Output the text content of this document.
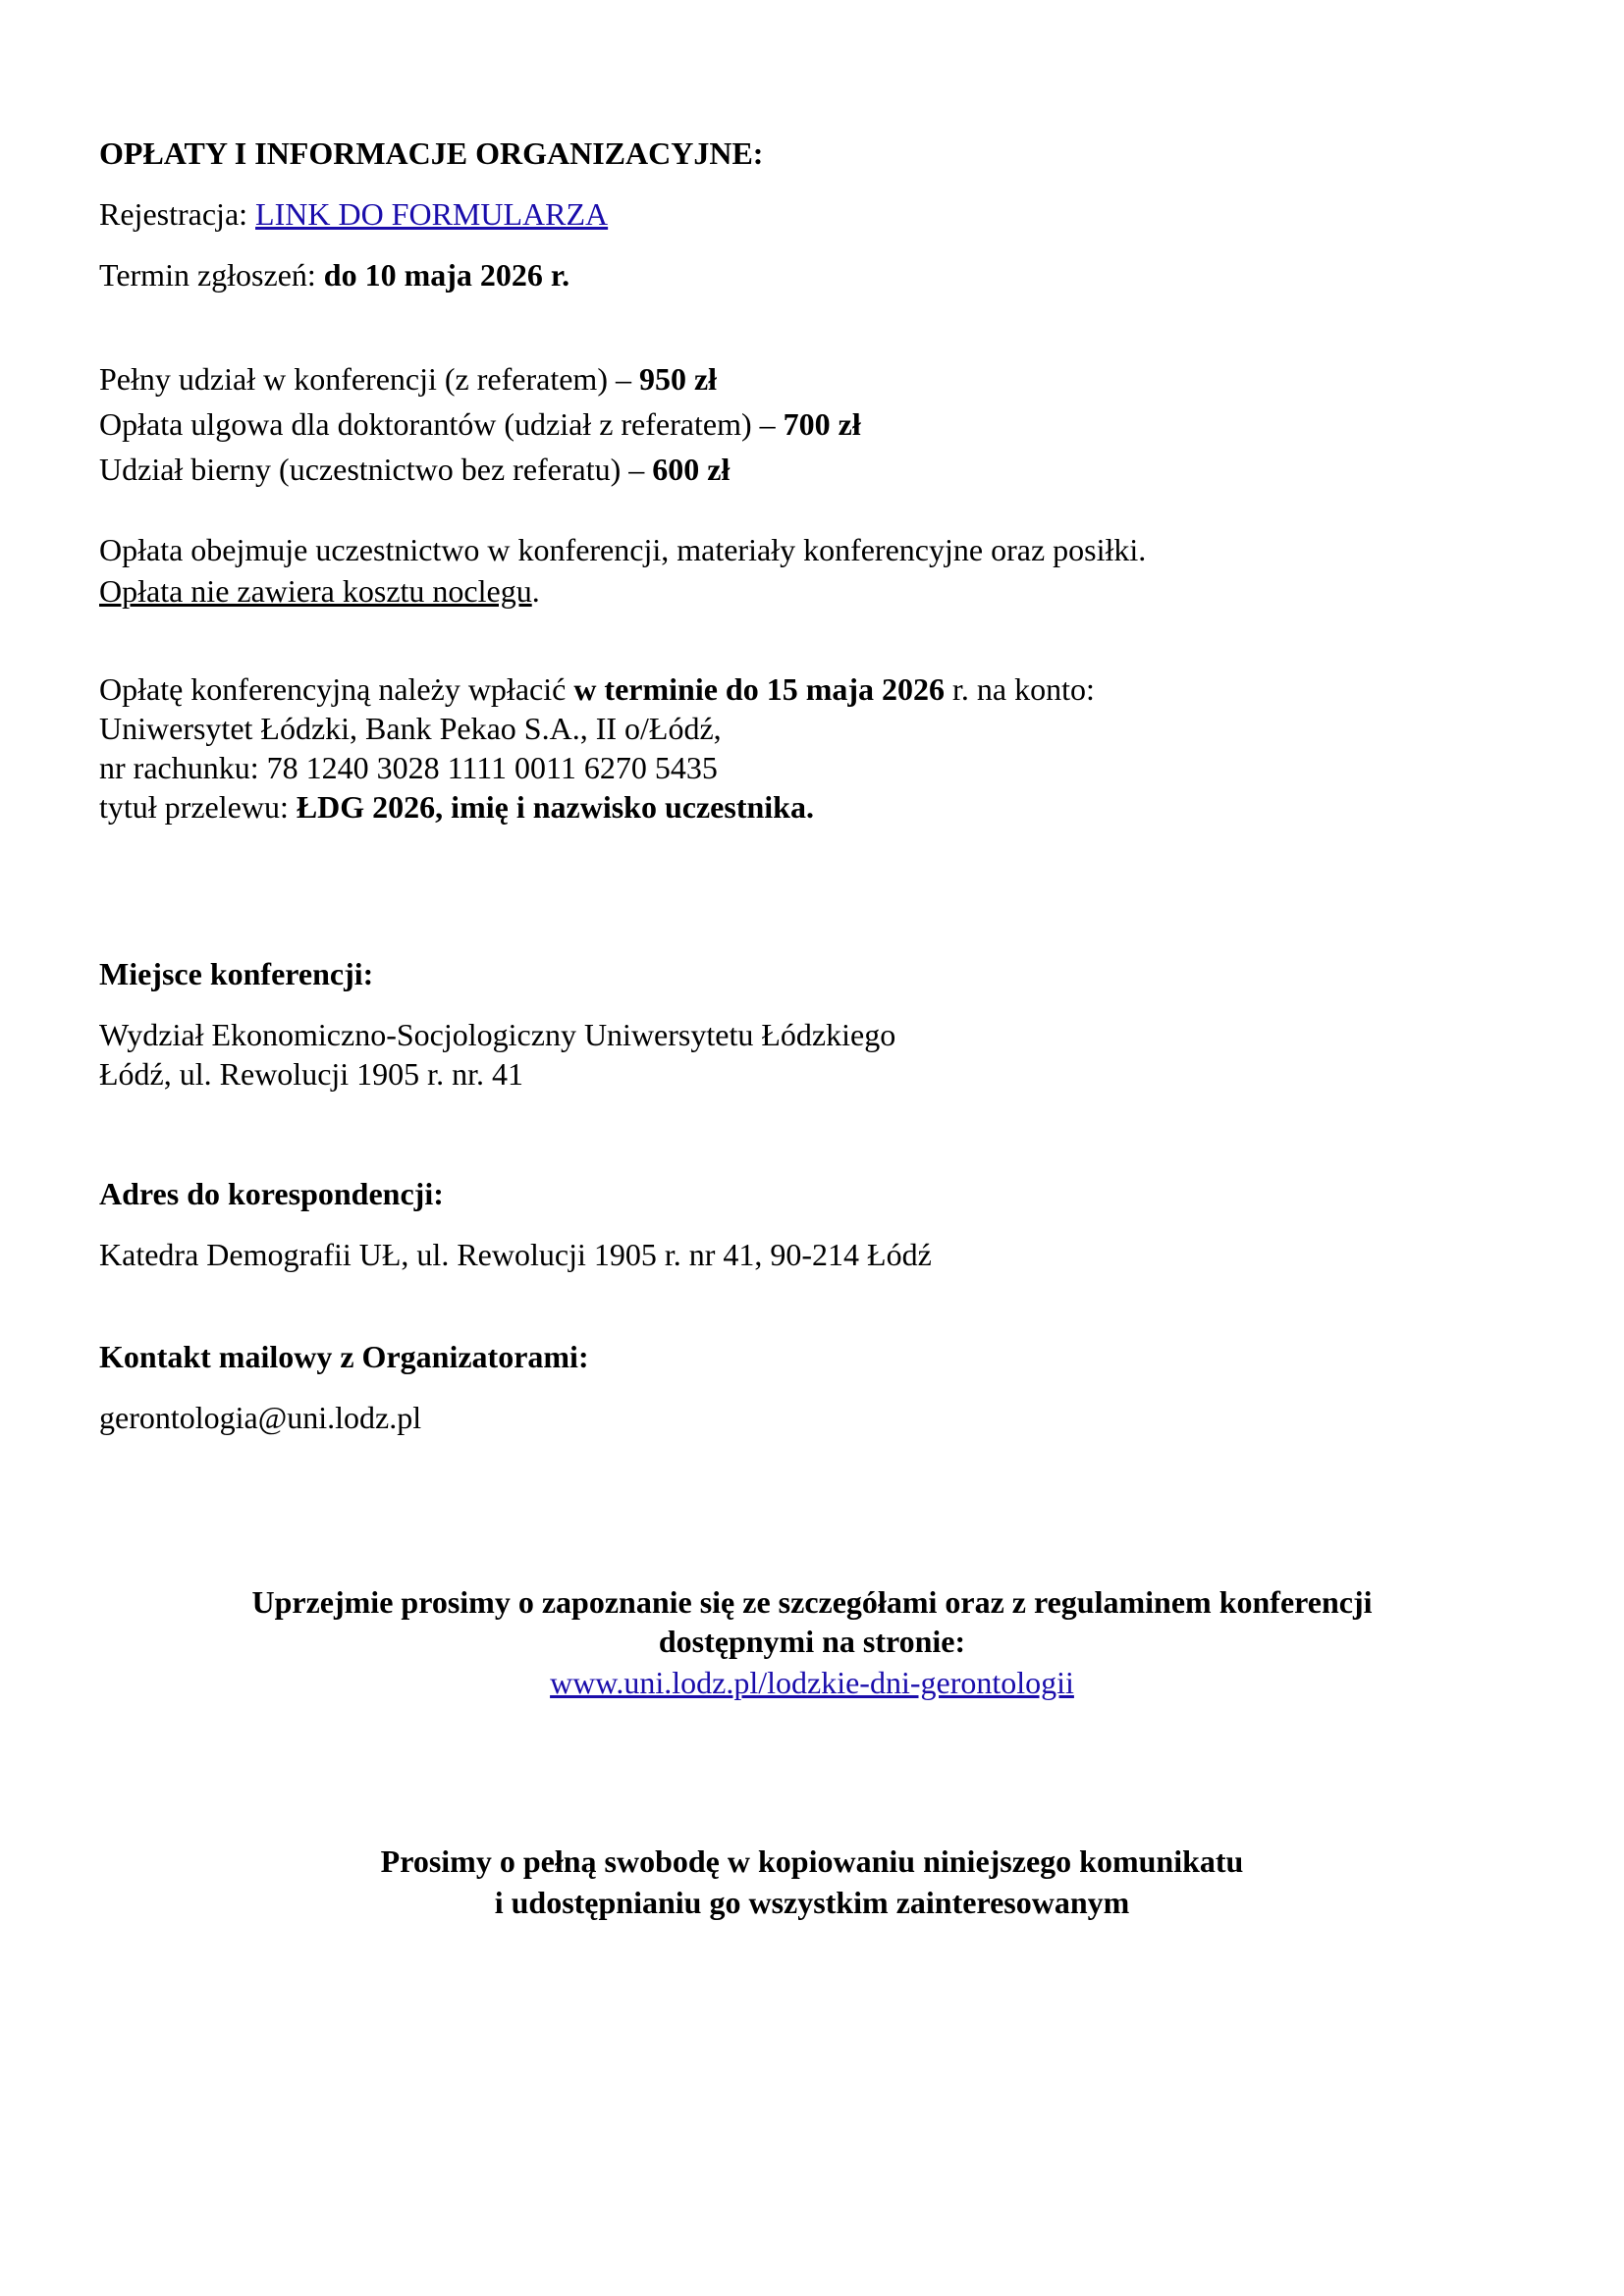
OPŁATY I INFORMACJE ORGANIZACYJNE:
Rejestracja: LINK DO FORMULARZA
Termin zgłoszeń: do 10 maja 2026 r.
Pełny udział w konferencji (z referatem) – 950 zł
Opłata ulgowa dla doktorantów (udział z referatem) – 700 zł
Udział bierny (uczestnictwo bez referatu) – 600 zł
Opłata obejmuje uczestnictwo w konferencji, materiały konferencyjne oraz posiłki.
Opłata nie zawiera kosztu noclegu.
Opłatę konferencyjną należy wpłacić w terminie do 15 maja 2026 r. na konto:
Uniwersytet Łódzki, Bank Pekao S.A., II o/Łódź,
nr rachunku: 78 1240 3028 1111 0011 6270 5435
tytuł przelewu: ŁDG 2026, imię i nazwisko uczestnika.
Miejsce konferencji:
Wydział Ekonomiczno-Socjologiczny Uniwersytetu Łódzkiego
Łódź, ul. Rewolucji 1905 r. nr. 41
Adres do korespondencji:
Katedra Demografii UŁ, ul. Rewolucji 1905 r. nr 41, 90-214 Łódź
Kontakt mailowy z Organizatorami:
gerontologia@uni.lodz.pl
Uprzejmie prosimy o zapoznanie się ze szczegółami oraz z regulaminem konferencji
dostępnymi na stronie:
www.uni.lodz.pl/lodzkie-dni-gerontologii
Prosimy o pełną swobodę w kopiowaniu niniejszego komunikatu
i udostępnianiu go wszystkim zainteresowanym
